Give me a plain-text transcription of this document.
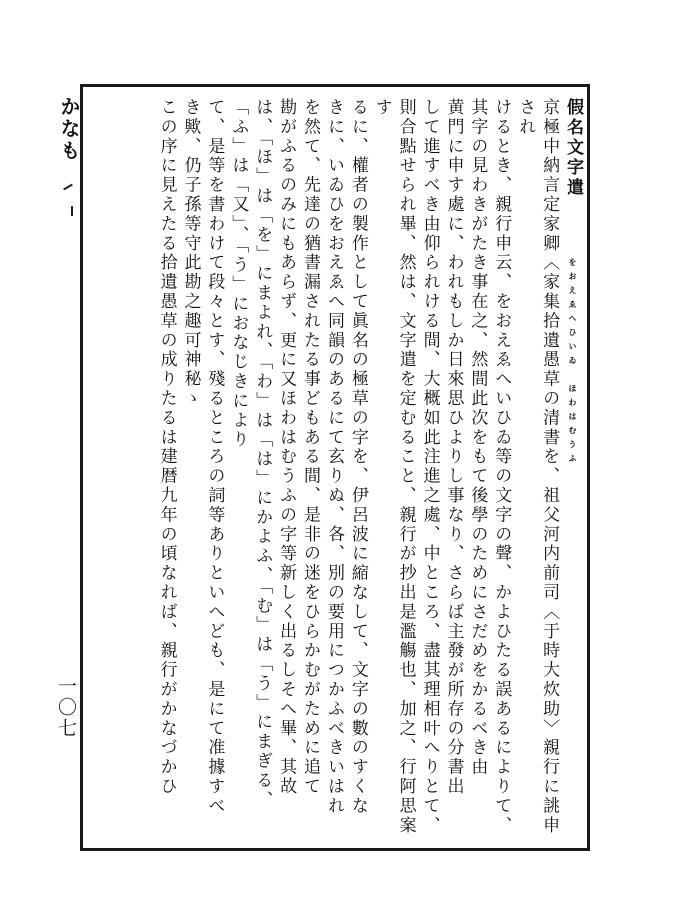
かなも
一〇七
假名文字遣　　　をおえゑへひいゐ　ほわはむうふ
京極中納言定家卿〈家集拾遺愚草の清書を、祖父河内前司〈于時大炊助〉親行に誂申され
けるとき、親行申云、をおえゑへいひゐ等の文字の聲、かよひたる誤あるによりて、
其字の見わきがたき事在之、然間此次をもて後學のためにさだめをかるべき由
黄門に申す處に、われもしか日來思ひよりし事なり、さらば主發が所存の分書出
して進すべき由仰られける間、大概如此注進之處、中ところ、盡其理相叶へりとて、
則合點せられ畢、然は、文字遣を定むること、親行が抄出是濫觴也、加之、行阿思案す
るに、權者の製作として眞名の極草の字を、伊呂波に縮なして、文字の數のすくな
きに、いゐひをおえゑへ同韻のあるにて玄りぬ、各、別の要用につかふべきいはれ
を然て、先達の猶書漏されたる事どもある間、是非の迷をひらかむがために追て
勘がふるのみにもあらず、更に又ほわはむうふの字等新しく出るしそへ畢、其故
は、「ほ」は「を」にまよれ、「わ」は「は」にかよふ、「む」は「う」にまぎる、「ふ」は「又」、「う」におなじきにより
て、是等を書わけて段々とす、殘るところの詞等ありといへども、是にて准據すべ
き歟、仍子孫等守此勘之趣可神秘ゝ
この序に見えたる拾遺愚草の成りたるは建暦九年の頃なれば、親行がかなづかひ
